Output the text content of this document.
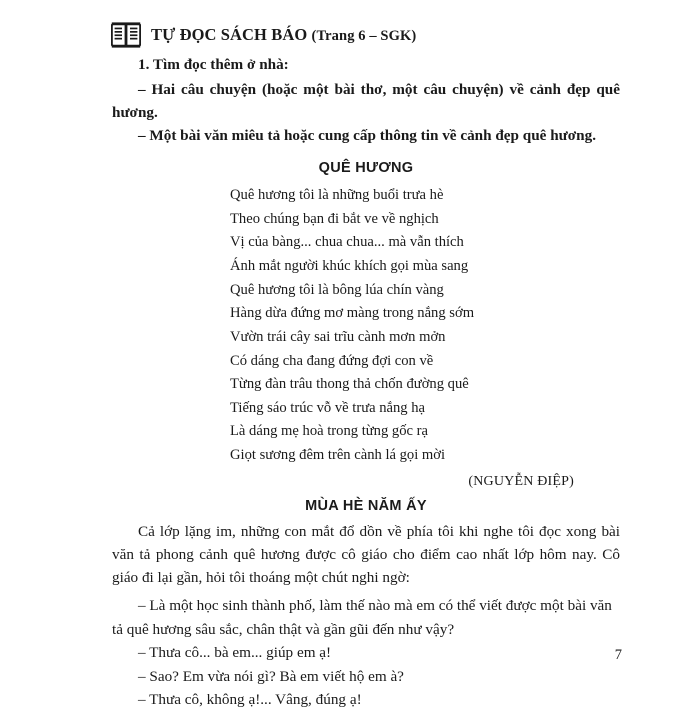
TỰ ĐỌC SÁCH BÁO (Trang 6 – SGK)

1. Tìm đọc thêm ở nhà:

– Hai câu chuyện (hoặc một bài thơ, một câu chuyện) về cảnh đẹp quê hương.

– Một bài văn miêu tả hoặc cung cấp thông tin về cảnh đẹp quê hương.

QUÊ HƯƠNG
Quê hương tôi là những buổi trưa hè
Theo chúng bạn đi bắt ve về nghịch
Vị của bàng... chua chua... mà vẫn thích
Ánh mắt người khúc khích gọi mùa sang
Quê hương tôi là bông lúa chín vàng
Hàng dừa đứng mơ màng trong nắng sớm
Vườn trái cây sai trĩu cành mơn mởn
Có dáng cha đang đứng đợi con về
Từng đàn trâu thong thả chốn đường quê
Tiếng sáo trúc vỗ về trưa nắng hạ
Là dáng mẹ hoà trong từng gốc rạ
Giọt sương đêm trên cành lá gọi mời
(NGUYỄN ĐIỆP)
MÙA HÈ NĂM ẤY

Cả lớp lặng im, những con mắt đổ dồn về phía tôi khi nghe tôi đọc xong bài văn tả phong cảnh quê hương được cô giáo cho điểm cao nhất lớp hôm nay. Cô giáo đi lại gần, hỏi tôi thoáng một chút nghi ngờ:

– Là một học sinh thành phố, làm thế nào mà em có thể viết được một bài văn tả quê hương sâu sắc, chân thật và gần gũi đến như vậy?

– Thưa cô... bà em... giúp em ạ!

– Sao? Em vừa nói gì? Bà em viết hộ em à?

– Thưa cô, không ạ!... Vâng, đúng ạ!

7
